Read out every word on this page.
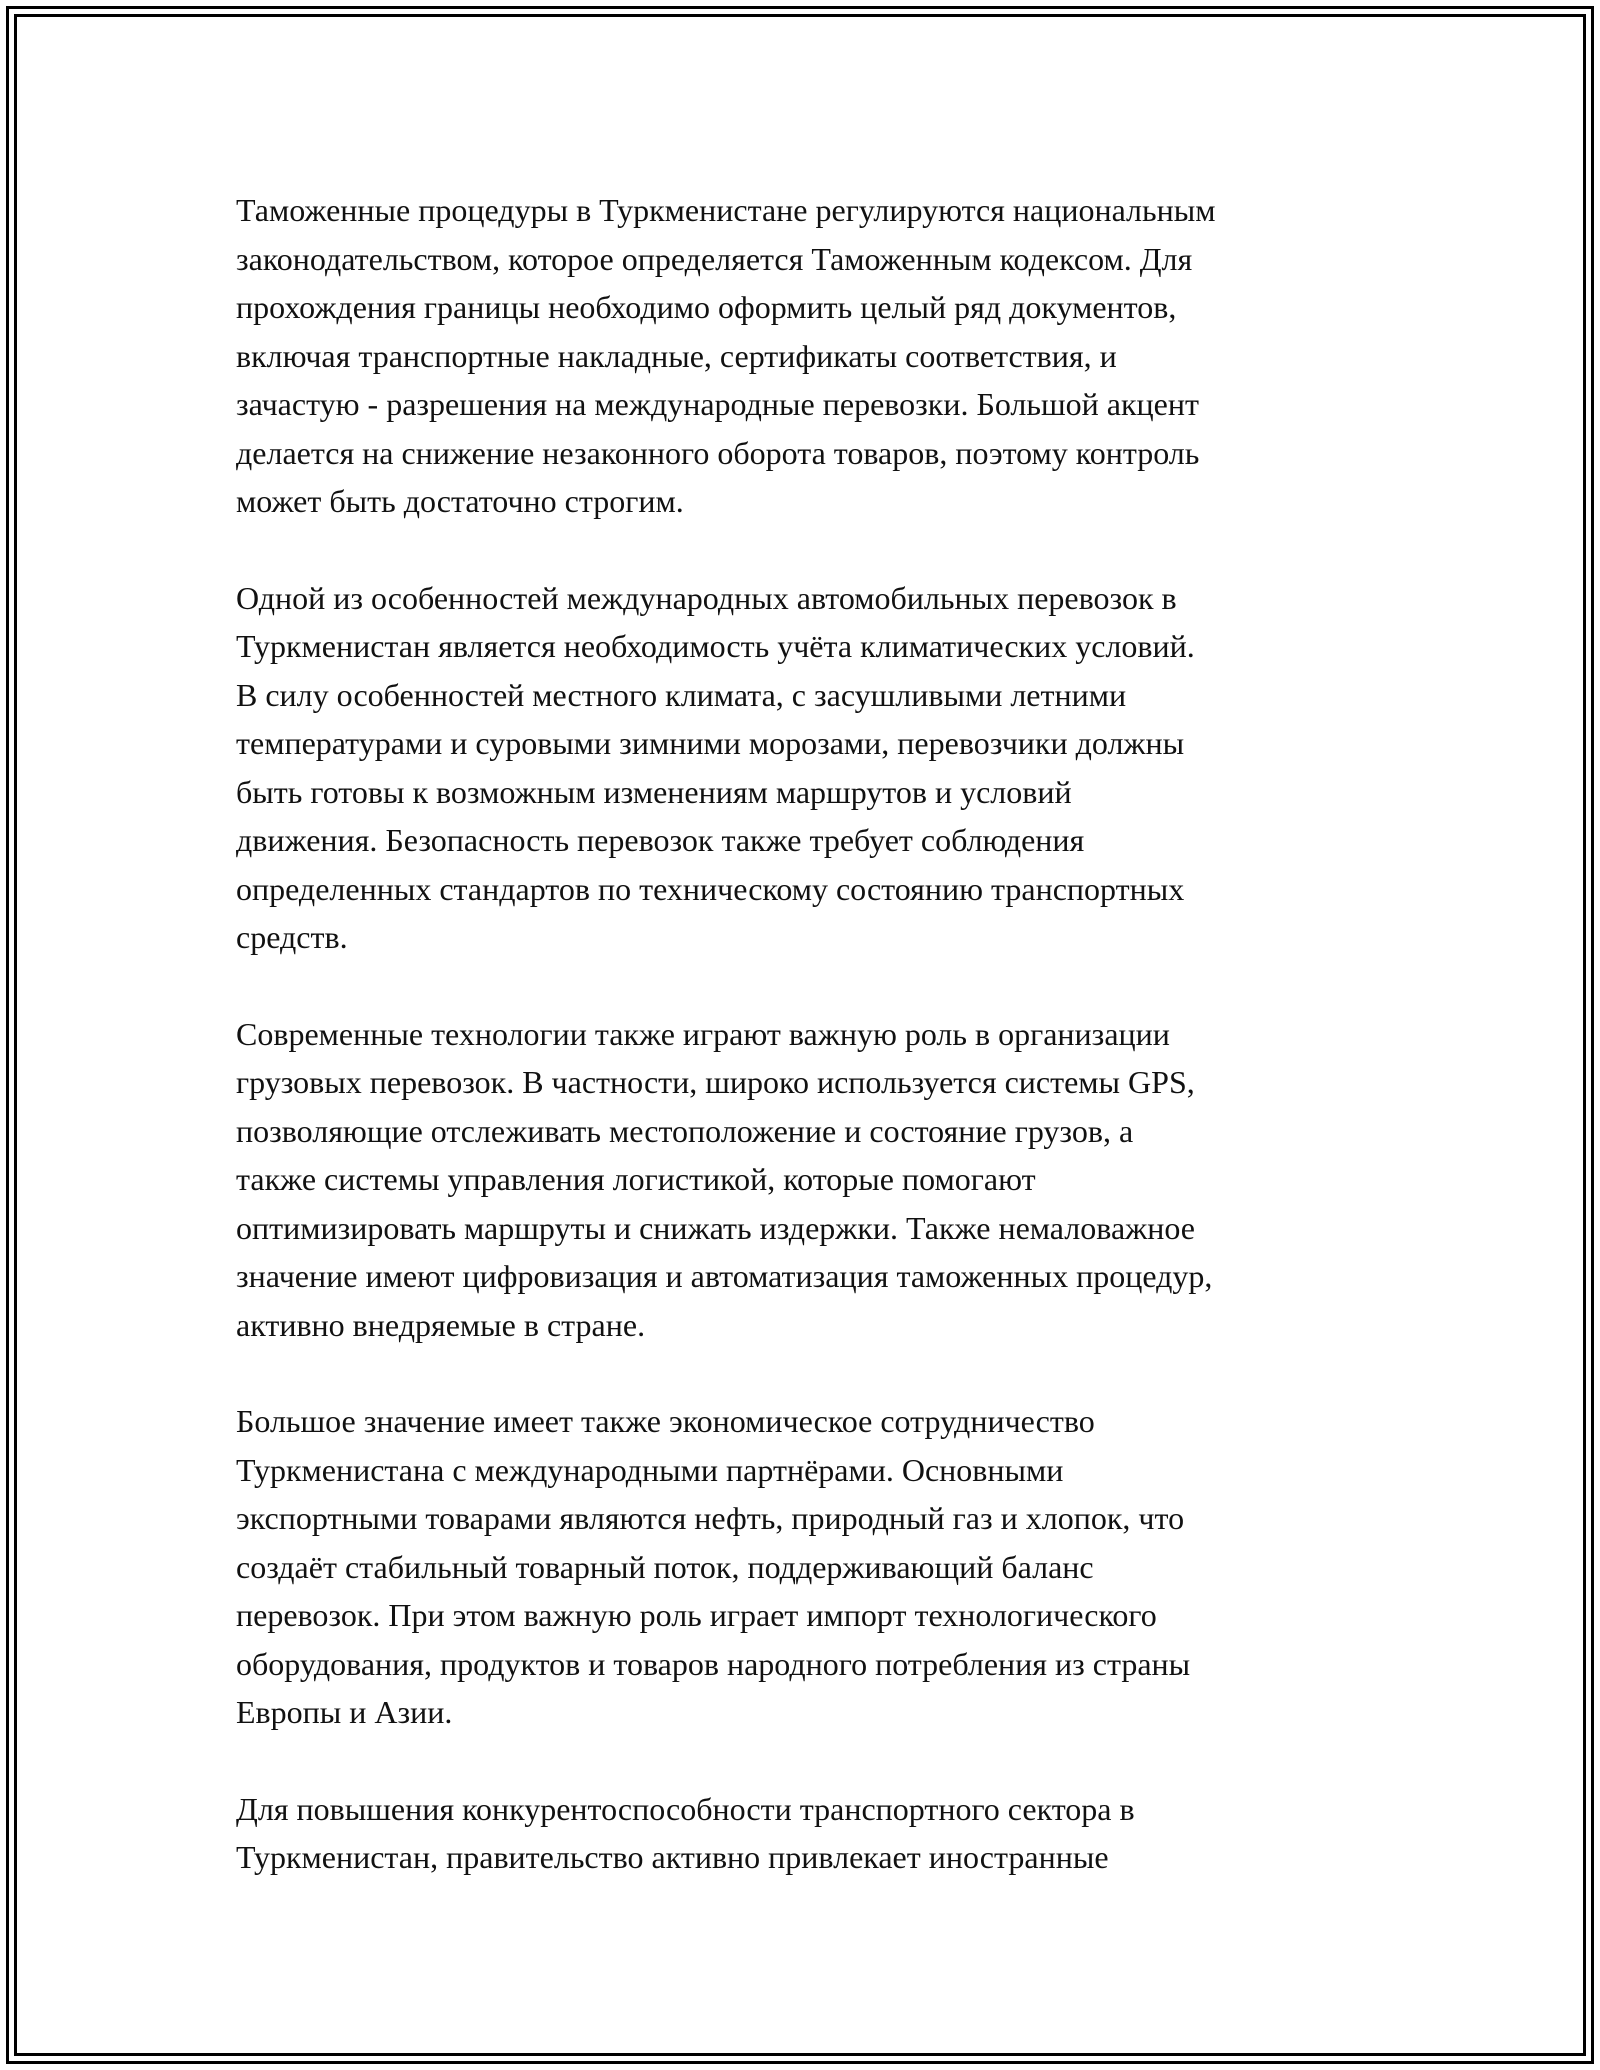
Таможенные процедуры в Туркменистане регулируются национальным
законодательством, которое определяется Таможенным кодексом. Для
прохождения границы необходимо оформить целый ряд документов,
включая транспортные накладные, сертификаты соответствия, и
зачастую - разрешения на международные перевозки. Большой акцент
делается на снижение незаконного оборота товаров, поэтому контроль
может быть достаточно строгим.

Одной из особенностей международных автомобильных перевозок в
Туркменистан является необходимость учёта климатических условий.
В силу особенностей местного климата, с засушливыми летними
температурами и суровыми зимними морозами, перевозчики должны
быть готовы к возможным изменениям маршрутов и условий
движения. Безопасность перевозок также требует соблюдения
определенных стандартов по техническому состоянию транспортных
средств.

Современные технологии также играют важную роль в организации
грузовых перевозок. В частности, широко используется системы GPS,
позволяющие отслеживать местоположение и состояние грузов, а
также системы управления логистикой, которые помогают
оптимизировать маршруты и снижать издержки. Также немаловажное
значение имеют цифровизация и автоматизация таможенных процедур,
активно внедряемые в стране.

Большое значение имеет также экономическое сотрудничество
Туркменистана с международными партнёрами. Основными
экспортными товарами являются нефть, природный газ и хлопок, что
создаёт стабильный товарный поток, поддерживающий баланс
перевозок. При этом важную роль играет импорт технологического
оборудования, продуктов и товаров народного потребления из страны
Европы и Азии.

Для повышения конкурентоспособности транспортного сектора в
Туркменистан, правительство активно привлекает иностранные
